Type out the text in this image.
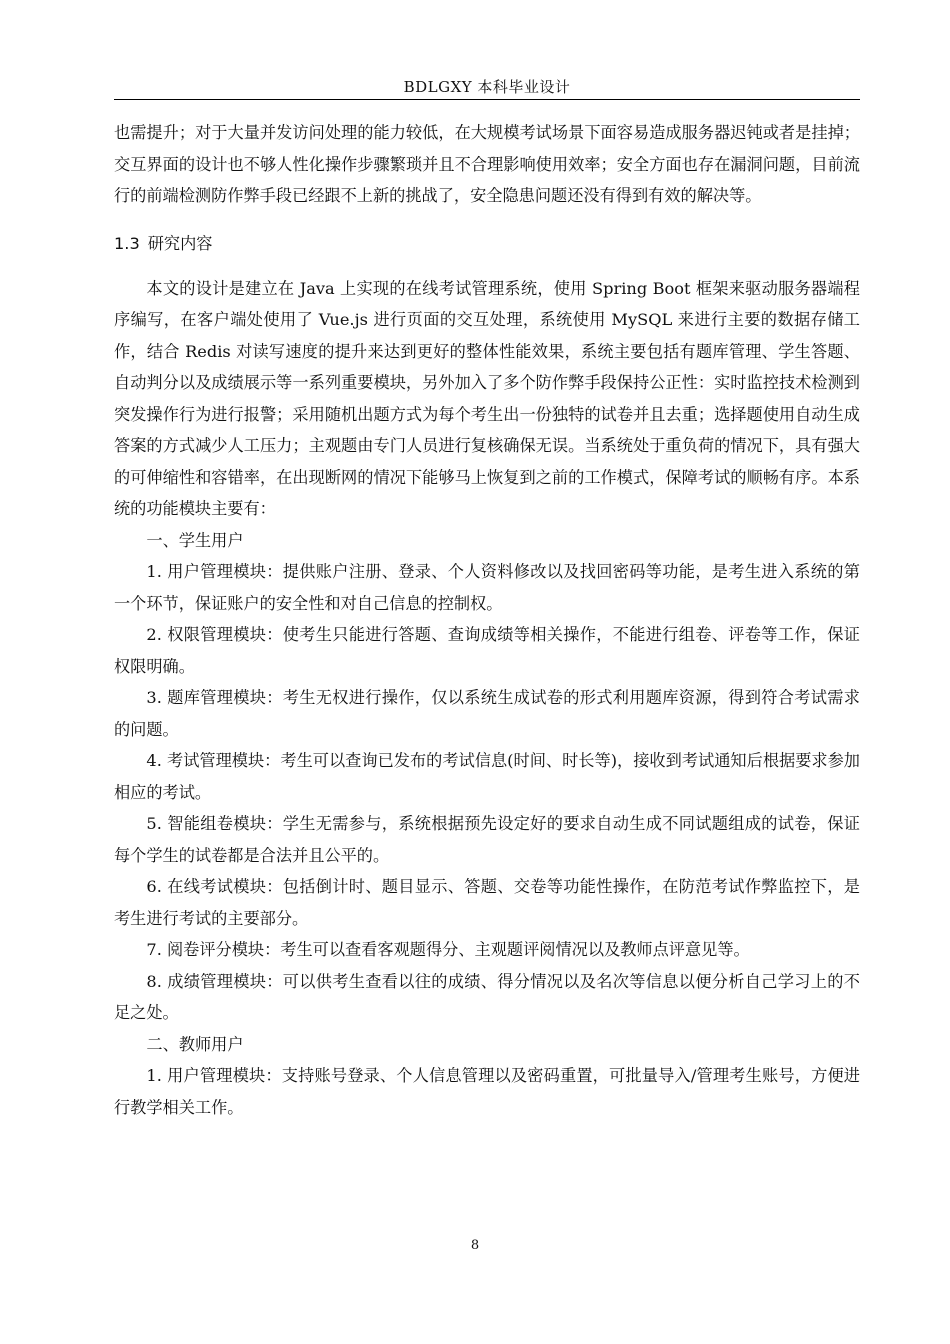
BDLGXY 本科毕业设计

也需提升；对于大量并发访问处理的能力较低，在大规模考试场景下面容易造成服务器迟钝或者是挂掉；交互界面的设计也不够人性化操作步骤繁琐并且不合理影响使用效率；安全方面也存在漏洞问题，目前流行的前端检测防作弊手段已经跟不上新的挑战了，安全隐患问题还没有得到有效的解决等。

1.3 研究内容

本文的设计是建立在 Java 上实现的在线考试管理系统，使用 Spring Boot 框架来驱动服务器端程序编写，在客户端处使用了 Vue.js 进行页面的交互处理，系统使用 MySQL 来进行主要的数据存储工作，结合 Redis 对读写速度的提升来达到更好的整体性能效果，系统主要包括有题库管理、学生答题、自动判分以及成绩展示等一系列重要模块，另外加入了多个防作弊手段保持公正性：实时监控技术检测到突发操作行为进行报警；采用随机出题方式为每个考生出一份独特的试卷并且去重；选择题使用自动生成答案的方式减少人工压力；主观题由专门人员进行复核确保无误。当系统处于重负荷的情况下，具有强大的可伸缩性和容错率，在出现断网的情况下能够马上恢复到之前的工作模式，保障考试的顺畅有序。本系统的功能模块主要有：

一、学生用户

1. 用户管理模块：提供账户注册、登录、个人资料修改以及找回密码等功能，是考生进入系统的第一个环节，保证账户的安全性和对自己信息的控制权。

2. 权限管理模块：使考生只能进行答题、查询成绩等相关操作，不能进行组卷、评卷等工作，保证权限明确。

3. 题库管理模块：考生无权进行操作，仅以系统生成试卷的形式利用题库资源，得到符合考试需求的问题。

4. 考试管理模块：考生可以查询已发布的考试信息(时间、时长等)，接收到考试通知后根据要求参加相应的考试。

5. 智能组卷模块：学生无需参与，系统根据预先设定好的要求自动生成不同试题组成的试卷，保证每个学生的试卷都是合法并且公平的。

6. 在线考试模块：包括倒计时、题目显示、答题、交卷等功能性操作，在防范考试作弊监控下，是考生进行考试的主要部分。

7. 阅卷评分模块：考生可以查看客观题得分、主观题评阅情况以及教师点评意见等。

8. 成绩管理模块：可以供考生查看以往的成绩、得分情况以及名次等信息以便分析自己学习上的不足之处。

二、教师用户

1. 用户管理模块：支持账号登录、个人信息管理以及密码重置，可批量导入/管理考生账号，方便进行教学相关工作。

8
